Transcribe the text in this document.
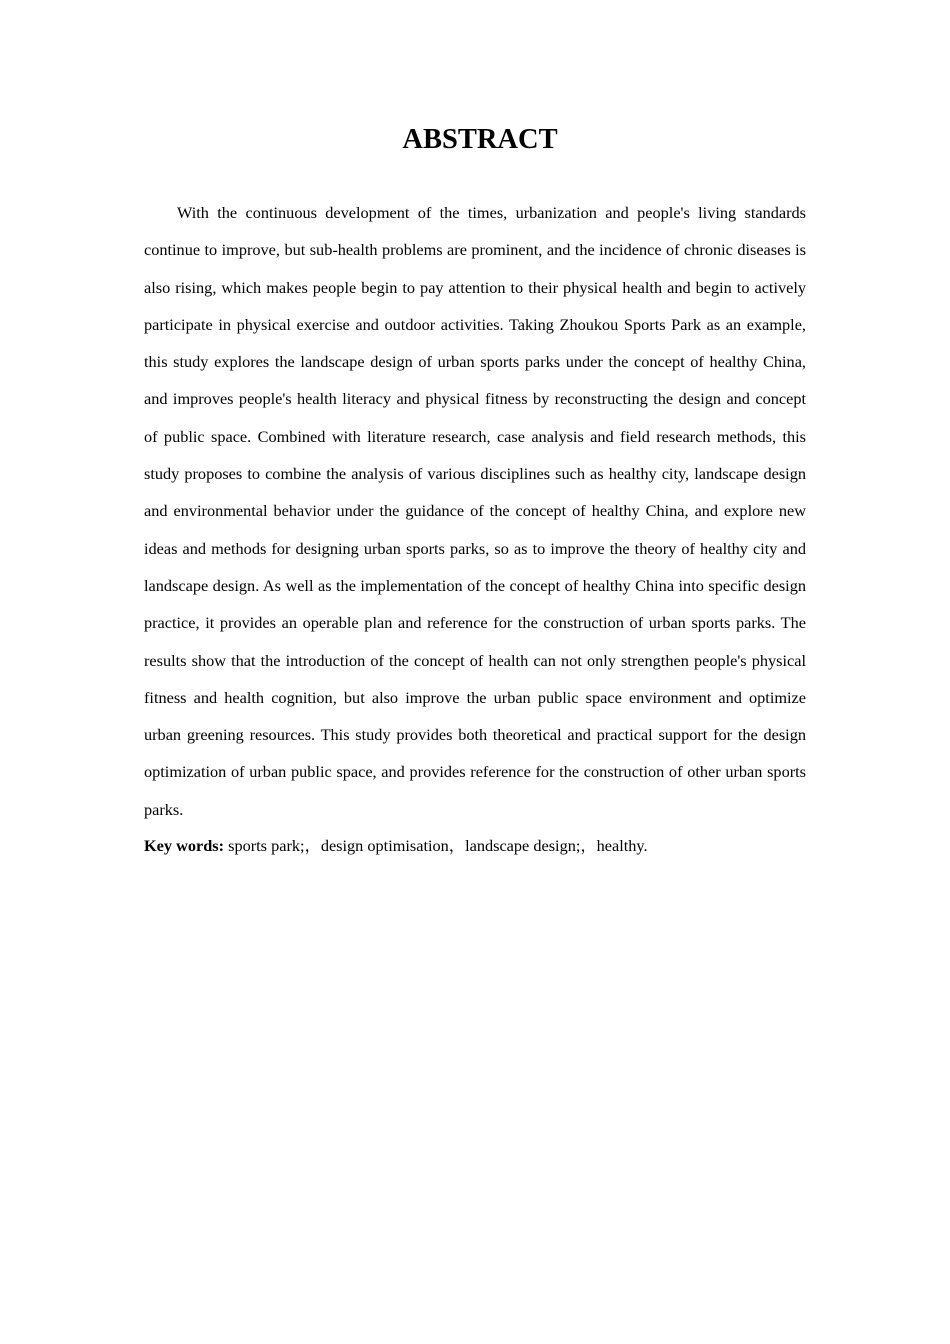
ABSTRACT

With the continuous development of the times, urbanization and people's living standards continue to improve, but sub-health problems are prominent, and the incidence of chronic diseases is also rising, which makes people begin to pay attention to their physical health and begin to actively participate in physical exercise and outdoor activities. Taking Zhoukou Sports Park as an example, this study explores the landscape design of urban sports parks under the concept of healthy China, and improves people's health literacy and physical fitness by reconstructing the design and concept of public space. Combined with literature research, case analysis and field research methods, this study proposes to combine the analysis of various disciplines such as healthy city, landscape design and environmental behavior under the guidance of the concept of healthy China, and explore new ideas and methods for designing urban sports parks, so as to improve the theory of healthy city and landscape design. As well as the implementation of the concept of healthy China into specific design practice, it provides an operable plan and reference for the construction of urban sports parks. The results show that the introduction of the concept of health can not only strengthen people's physical fitness and health cognition, but also improve the urban public space environment and optimize urban greening resources. This study provides both theoretical and practical support for the design optimization of urban public space, and provides reference for the construction of other urban sports parks.

Key words: sports park;，design optimisation，landscape design;，healthy.
